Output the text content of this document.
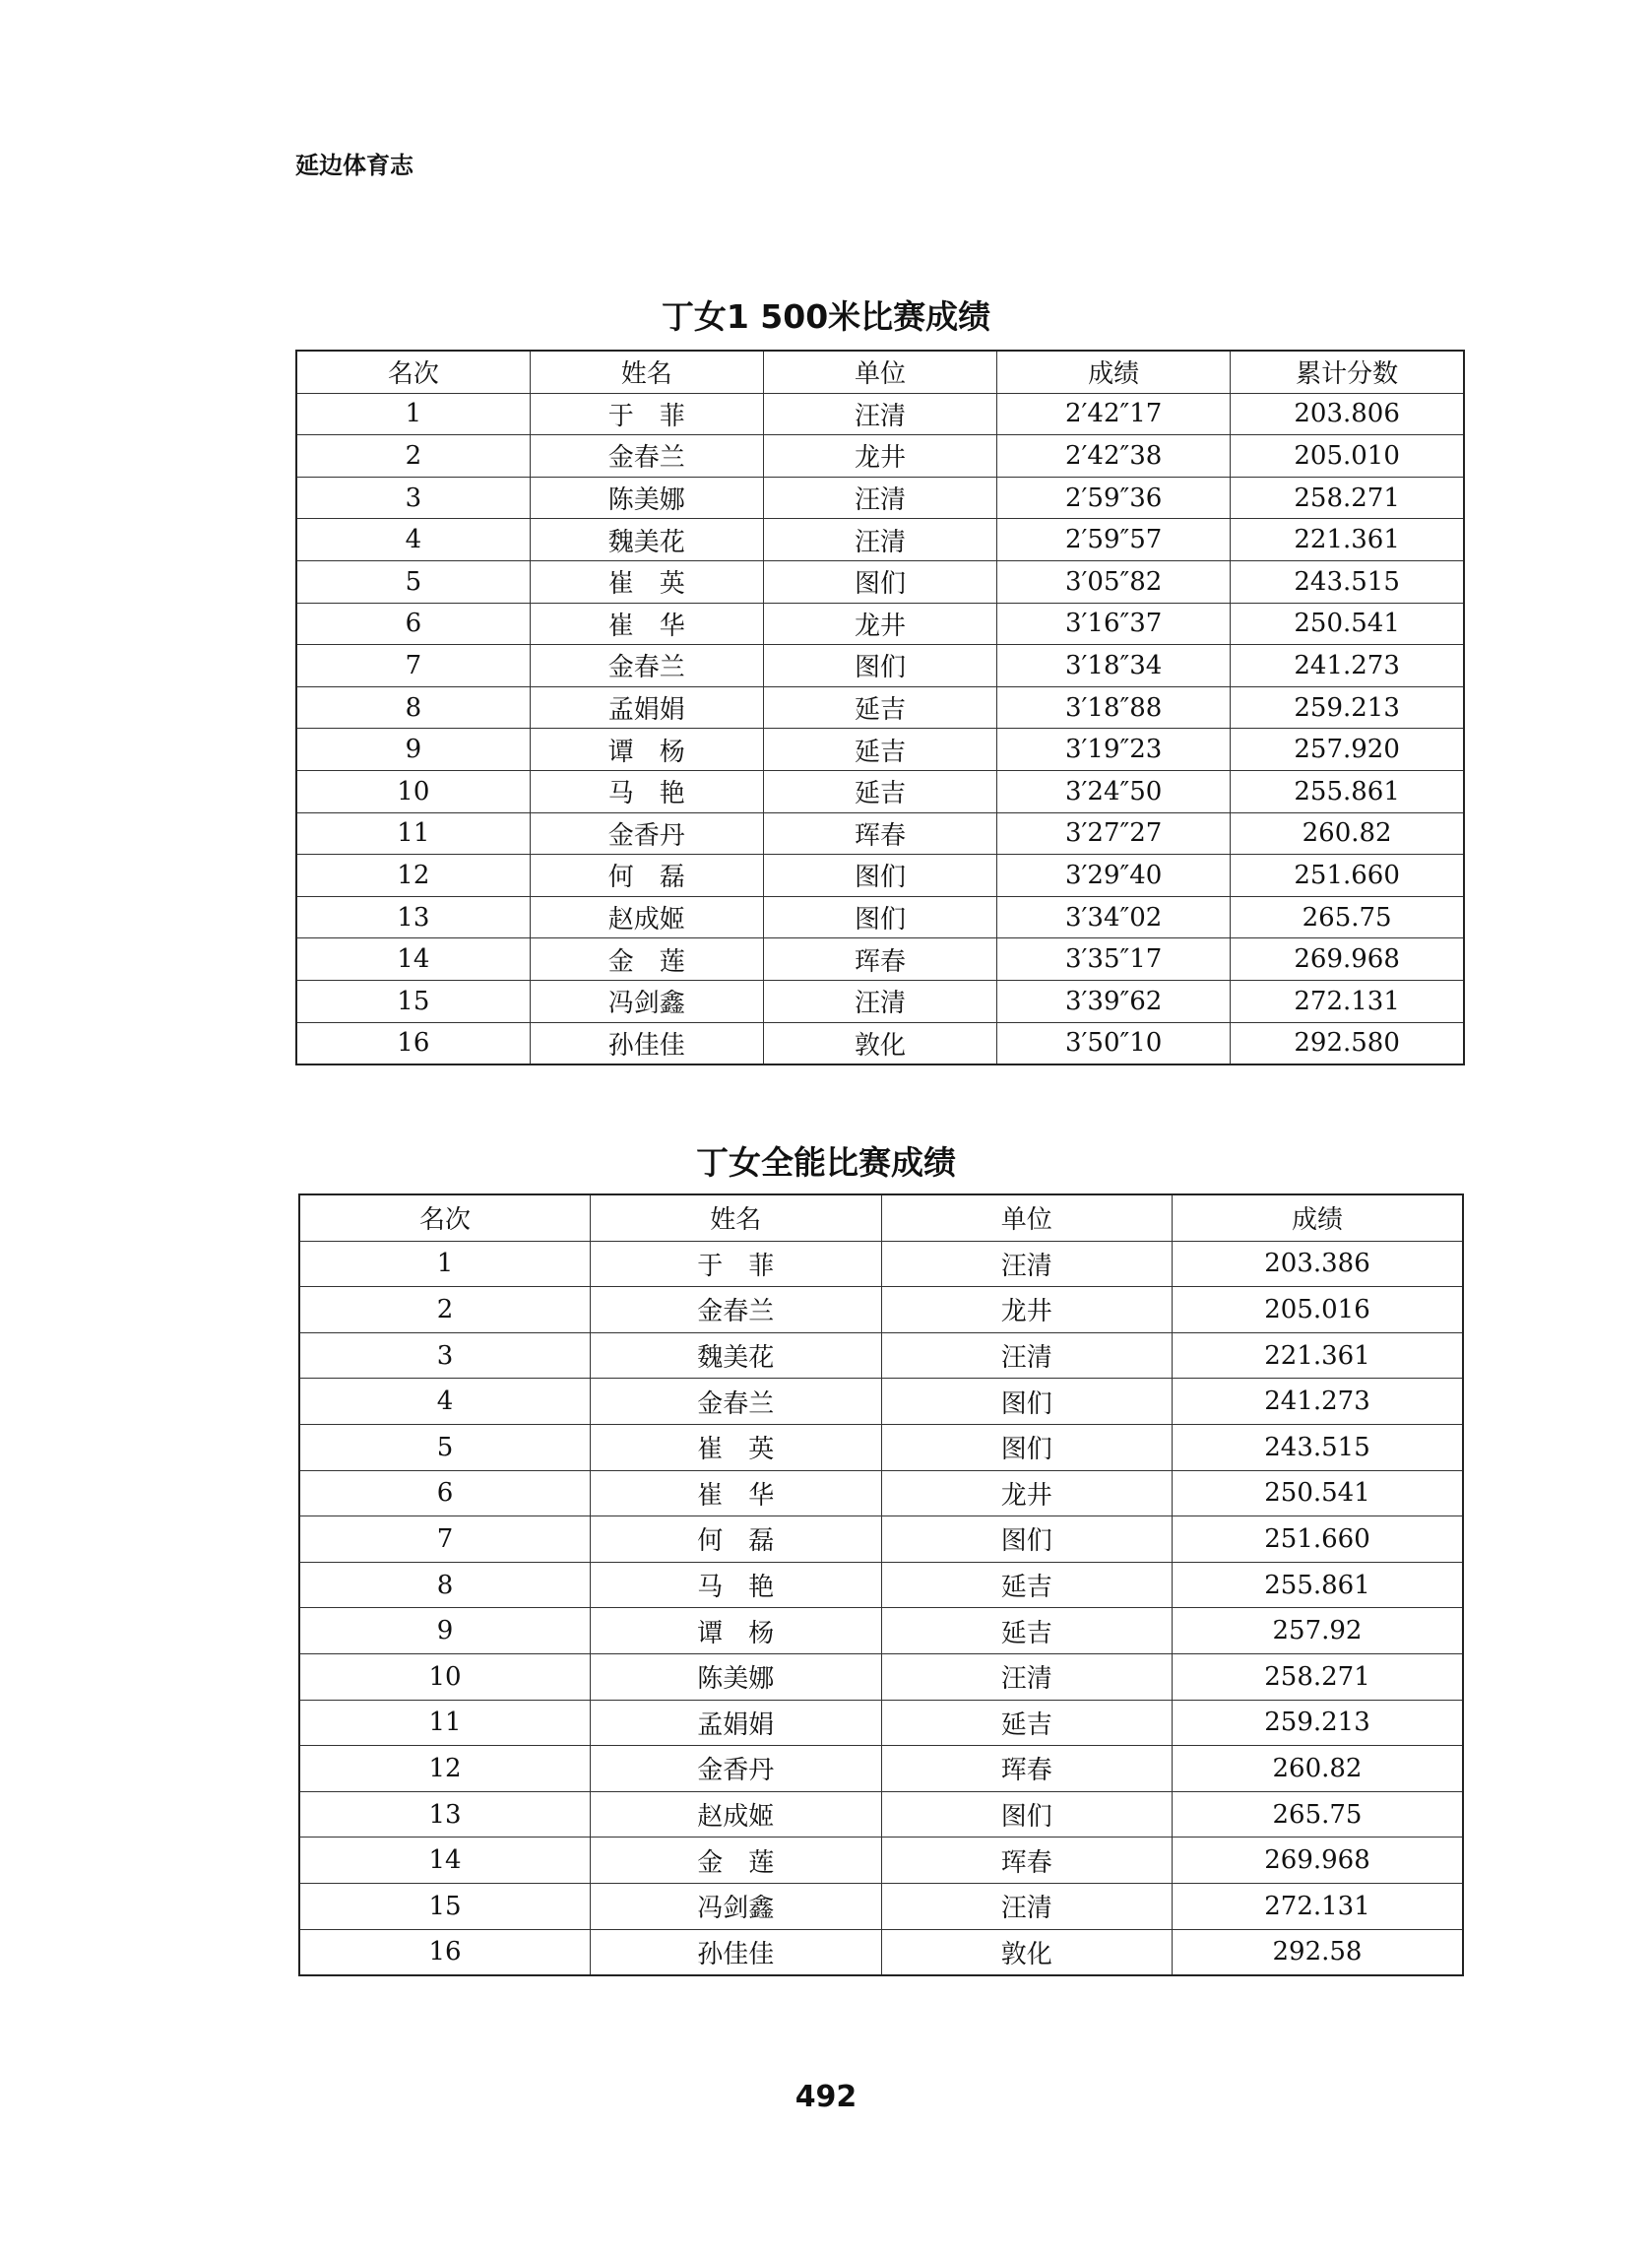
延边体育志
丁女1 500米比赛成绩
名次	姓名	单位	成绩	累计分数
1	于　菲	汪清	2′42″17	203.806
2	金春兰	龙井	2′42″38	205.010
3	陈美娜	汪清	2′59″36	258.271
4	魏美花	汪清	2′59″57	221.361
5	崔　英	图们	3′05″82	243.515
6	崔　华	龙井	3′16″37	250.541
7	金春兰	图们	3′18″34	241.273
8	孟娟娟	延吉	3′18″88	259.213
9	谭　杨	延吉	3′19″23	257.920
10	马　艳	延吉	3′24″50	255.861
11	金香丹	珲春	3′27″27	260.82
12	何　磊	图们	3′29″40	251.660
13	赵成姬	图们	3′34″02	265.75
14	金　莲	珲春	3′35″17	269.968
15	冯剑鑫	汪清	3′39″62	272.131
16	孙佳佳	敦化	3′50″10	292.580
丁女全能比赛成绩
名次	姓名	单位	成绩
1	于　菲	汪清	203.386
2	金春兰	龙井	205.016
3	魏美花	汪清	221.361
4	金春兰	图们	241.273
5	崔　英	图们	243.515
6	崔　华	龙井	250.541
7	何　磊	图们	251.660
8	马　艳	延吉	255.861
9	谭　杨	延吉	257.92
10	陈美娜	汪清	258.271
11	孟娟娟	延吉	259.213
12	金香丹	珲春	260.82
13	赵成姬	图们	265.75
14	金　莲	珲春	269.968
15	冯剑鑫	汪清	272.131
16	孙佳佳	敦化	292.58
492
